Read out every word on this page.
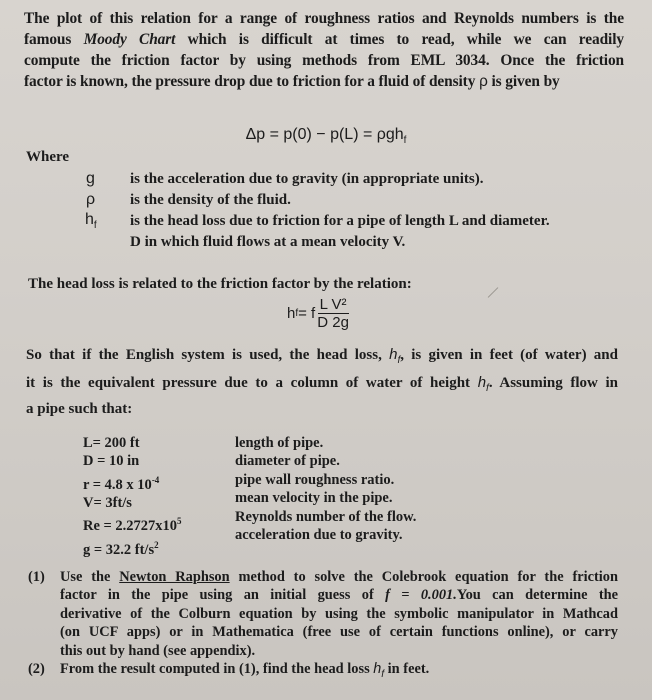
The plot of this relation for a range of roughness ratios and Reynolds numbers is the
famous Moody Chart which is difficult at times to read, while we can readily
compute the friction factor by using methods from EML 3034. Once the friction
factor is known, the pressure drop due to friction for a fluid of density ρ is given by
Δp = p(0) − p(L) = ρgh$_f$
Where
g
ρ
$h_f$
is the acceleration due to gravity (in appropriate units).
is the density of the fluid.
is the head loss due to friction for a pipe of length L and diameter.
D in which fluid flows at a mean velocity V.
The head loss is related to the friction factor by the relation:
h f = f $\frac{\text{L V²}}{D 2g}$
So that if the English system is used, the head loss, $h_f$, is given in feet (of water) and
it is the equivalent pressure due to a column of water of height $h_f$. Assuming flow in
a pipe such that:
L= 200 ft
D = 10 in
r = 4.8 x $10^{-4}$
V= 3ft/s
$Re = 2.2727x10^5$
g = 32.2 $ft/s^2$
length of pipe.
diameter of pipe.
pipe wall roughness ratio.
mean velocity in the pipe.
Reynolds number of the flow.
acceleration due to gravity.
(1) Use the Newton Raphson method to solve the Colebrook equation for the friction
factor in the pipe using an initial guess of f = 0.001.You can determine the
derivative of the Colburn equation by using the symbolic manipulator in Mathcad
(on UCF apps) or in Mathematica (free use of certain functions online), or carry
this out by hand (see appendix).
(2) From the result computed in (1), find the head loss $h_f$ in feet.
